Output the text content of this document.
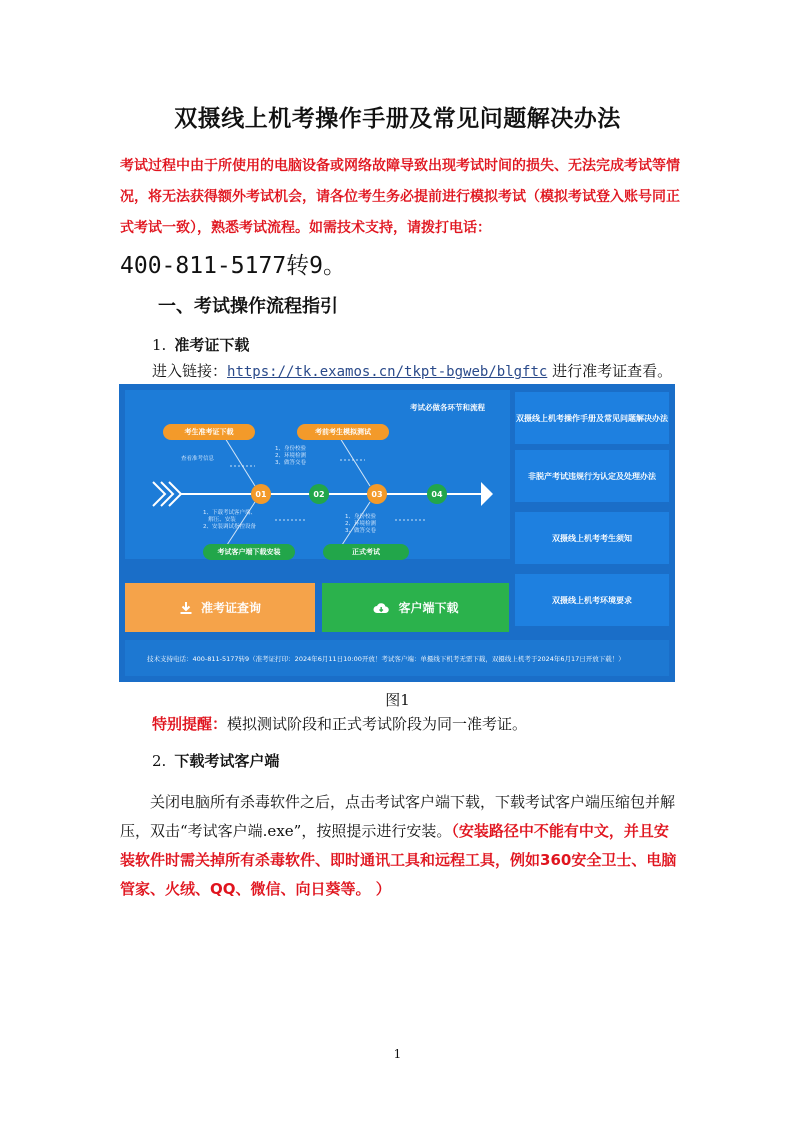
双摄线上机考操作手册及常见问题解决办法
考试过程中由于所使用的电脑设备或网络故障导致出现考试时间的损失、无法完成考试等情况，将无法获得额外考试机会，请各位考生务必提前进行模拟考试（模拟考试登入账号同正式考试一致），熟悉考试流程。如需技术支持，请拨打电话：
400-811-5177转9。
一、考试操作流程指引
1. 准考证下载
进入链接：https://tk.examos.cn/tkpt-bgweb/blgftc 进行准考证查看。
考试必做各环节和流程
考生准考证下载	考前考生模拟测试
查看准考信息
1、身份校验
2、环境检测
3、做答交卷
01	02	03	04
1、下载考试客户端、
解压、安装
2、安装调试指控设备
1、身份校验
2、环境检测
3、做答交卷
考试客户端下载安装	正式考试
双摄线上机考操作手册及常见问题解决办法
非脱产考试违规行为认定及处理办法
双摄线上机考考生须知
双摄线上机考环境要求
准考证查询	客户端下载
技术支持电话：400-811-5177转9（准考证打印：2024年6月11日10:00开放！考试客户端：单摄线下机考无需下载，双摄线上机考于2024年6月17日开放下载！）
图1
特别提醒：模拟测试阶段和正式考试阶段为同一准考证。
2. 下载考试客户端
关闭电脑所有杀毒软件之后，点击考试客户端下载，下载考试客户端压缩包并解压，双击“考试客户端.exe”，按照提示进行安装。（安装路径中不能有中文，并且安装软件时需关掉所有杀毒软件、即时通讯工具和远程工具，例如360安全卫士、电脑管家、火绒、QQ、微信、向日葵等。 ）
1
